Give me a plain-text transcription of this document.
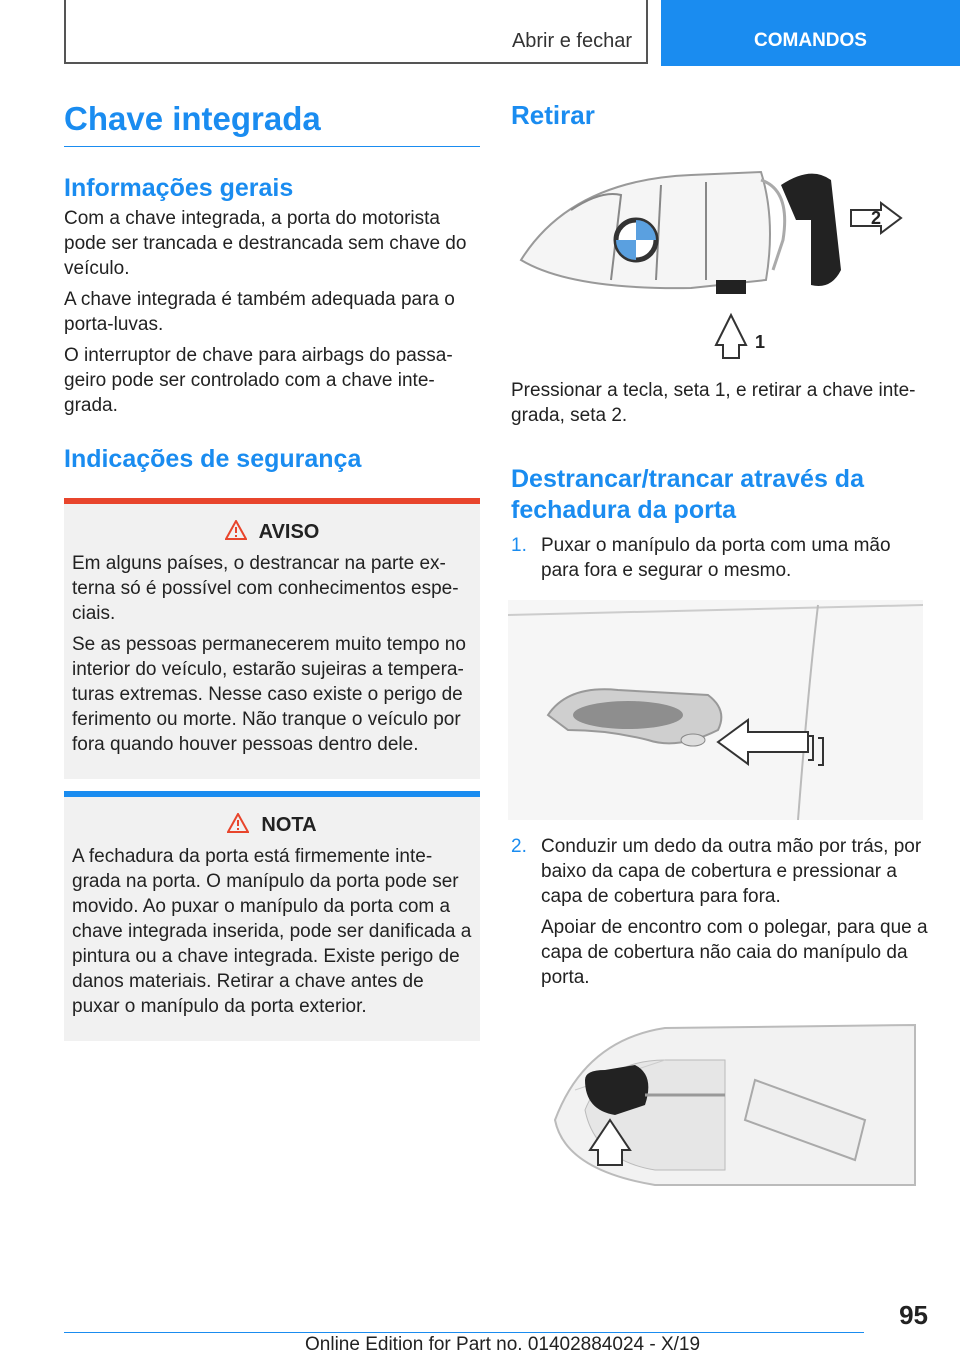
Abrir e fechar	COMANDOS
Chave integrada
Informações gerais

Com a chave integrada, a porta do motorista pode ser trancada e destrancada sem chave do veículo.

A chave integrada é também adequada para o porta-luvas.

O interruptor de chave para airbags do passa-geiro pode ser controlado com a chave inte-grada.

Indicações de segurança
AVISO

Em alguns países, o destrancar na parte ex-terna só é possível com conhecimentos espe-ciais.

Se as pessoas permanecerem muito tempo no interior do veículo, estarão sujeiras a tempera-turas extremas. Nesse caso existe o perigo de ferimento ou morte. Não tranque o veículo por fora quando houver pessoas dentro dele.

NOTA

A fechadura da porta está firmemente inte-grada na porta. O manípulo da porta pode ser movido. Ao puxar o manípulo da porta com a chave integrada inserida, pode ser danificada a pintura ou a chave integrada. Existe perigo de danos materiais. Retirar a chave antes de puxar o manípulo da porta exterior.

Retirar
1
2

Pressionar a tecla, seta 1, e retirar a chave inte-grada, seta 2.

Destrancar/trancar através da fechadura da porta
1. Puxar o manípulo da porta com uma mão para fora e segurar o mesmo.

2. Conduzir um dedo da outra mão por trás, por baixo da capa de cobertura e pressionar a capa de cobertura para fora.

Apoiar de encontro com o polegar, para que a capa de cobertura não caia do manípulo da porta.

95
Online Edition for Part no. 01402884024 - X/19
